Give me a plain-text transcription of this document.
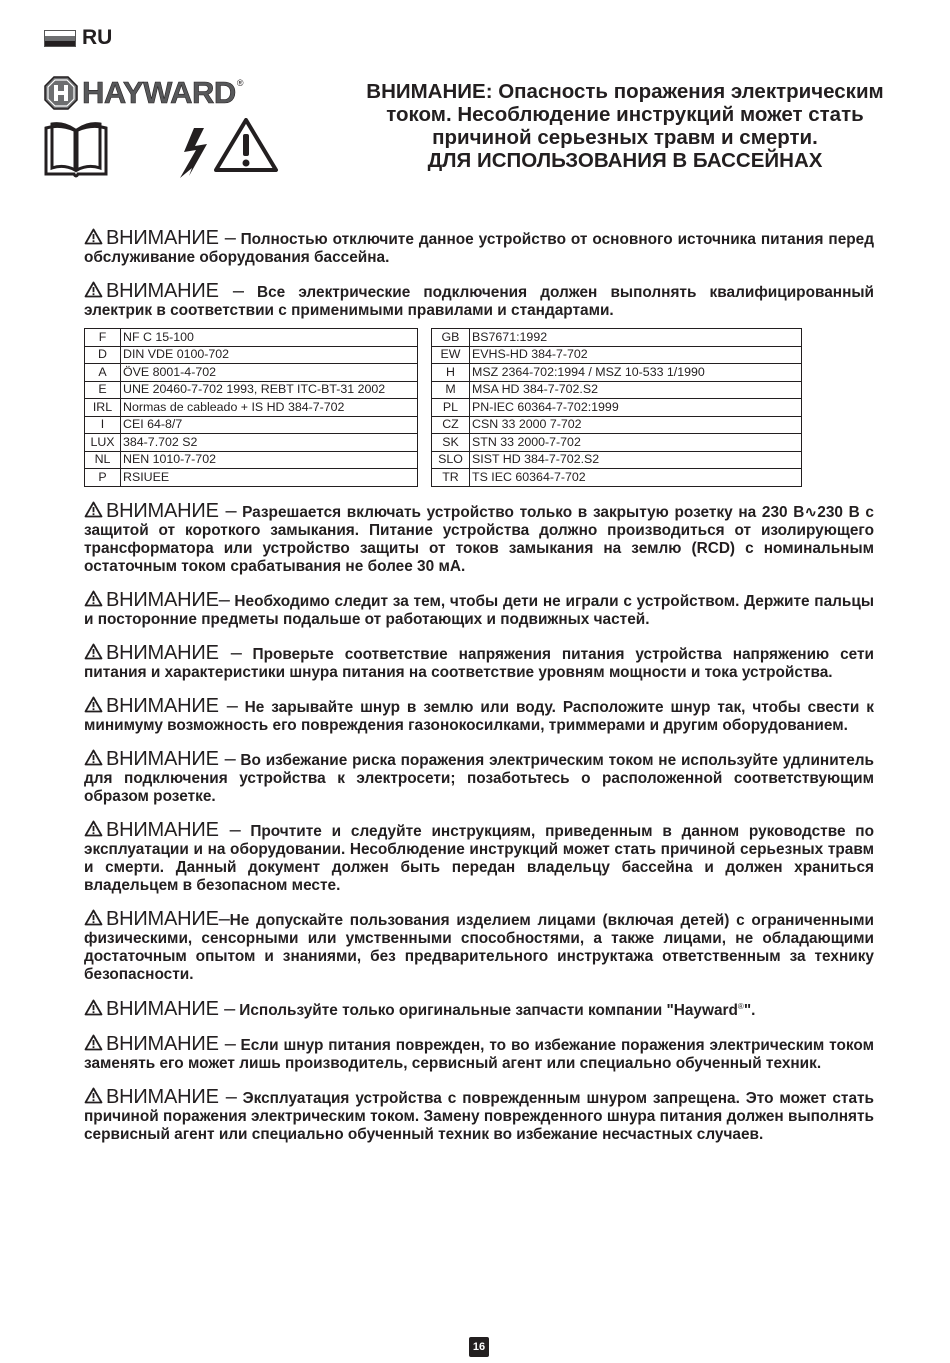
RU
HAYWARD ®	ВНИМАНИЕ: Опасность поражения электрическим
током. Несоблюдение инструкций может стать
причиной серьезных травм и смерти.
ДЛЯ ИСПОЛЬЗОВАНИЯ В БАССЕЙНАХ

ВНИМАНИЕ – Полностью отключите данное устройство от основного источника питания перед обслуживание оборудования бассейна.

ВНИМАНИЕ – Все электрические подключения должен выполнять квалифицированный электрик в соответствии с применимыми правилами и стандартами.

F	NF C 15-100		GB	BS7671:1992
D	DIN VDE 0100-702		EW	EVHS-HD 384-7-702
A	ÖVE 8001-4-702		H	MSZ 2364-702:1994 / MSZ 10-533 1/1990
E	UNE 20460-7-702 1993, REBT ITC-BT-31 2002		M	MSA HD 384-7-702.S2
IRL	Normas de cableado + IS HD 384-7-702		PL	PN-IEC 60364-7-702:1999
I	CEI 64-8/7		CZ	CSN 33 2000 7-702
LUX	384-7.702 S2		SK	STN 33 2000-7-702
NL	NEN 1010-7-702		SLO	SIST HD 384-7-702.S2
P	RSIUEE		TR	TS IEC 60364-7-702

ВНИМАНИЕ – Разрешается включать устройство только в закрытую розетку на 230 В∿230 В с защитой от короткого замыкания. Питание устройства должно производиться от изолирующего трансформатора или устройство защиты от токов замыкания на землю (RCD) с номинальным остаточным током срабатывания не более 30 мА.

ВНИМАНИЕ– Необходимо следит за тем, чтобы дети не играли с устройством. Держите пальцы и посторонние предметы подальше от работающих и подвижных частей.

ВНИМАНИЕ – Проверьте соответствие напряжения питания устройства напряжению сети питания и характеристики шнура питания на соответствие уровням мощности и тока устройства.

ВНИМАНИЕ – Не зарывайте шнур в землю или воду. Расположите шнур так, чтобы свести к минимуму возможность его повреждения газонокосилками, триммерами и другим оборудованием.

ВНИМАНИЕ – Во избежание риска поражения электрическим током не используйте удлинитель для подключения устройства к электросети; позаботьтесь о расположенной соответствующим образом розетке.

ВНИМАНИЕ – Прочтите и следуйте инструкциям, приведенным в данном руководстве по эксплуатации и на оборудовании. Несоблюдение инструкций может стать причиной серьезных травм и смерти. Данный документ должен быть передан владельцу бассейна и должен храниться владельцем в безопасном месте.

ВНИМАНИЕ–Не допускайте пользования изделием лицами (включая детей) с ограниченными физическими, сенсорными или умственными способностями, а также лицами, не обладающими достаточным опытом и знаниями, без предварительного инструктажа ответственным за технику безопасности.

ВНИМАНИЕ – Используйте только оригинальные запчасти компании "Hayward®".

ВНИМАНИЕ – Если шнур питания поврежден, то во избежание поражения электрическим током заменять его может лишь производитель, сервисный агент или специально обученный техник.

ВНИМАНИЕ – Эксплуатация устройства с поврежденным шнуром запрещена. Это может стать причиной поражения электрическим током. Замену поврежденного шнура питания должен выполнять сервисный агент или специально обученный техник во избежание несчастных случаев.

16
